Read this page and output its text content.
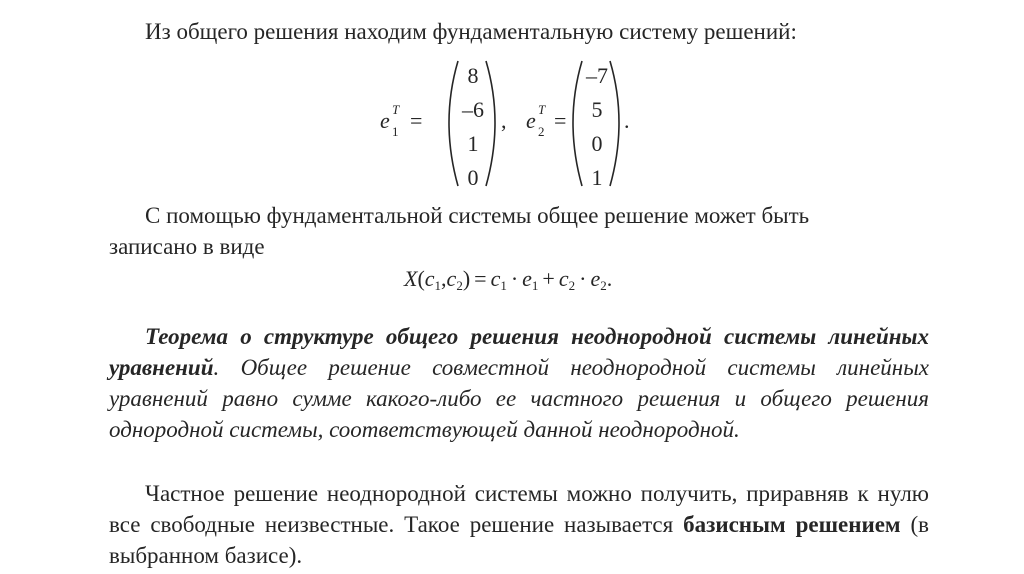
Из общего решения находим фундаментальную систему решений:
e T
1 =
8
–6
1
0
, e T
2 =
–7
5
0
1
.
С помощью фундаментальной системы общее решение может быть
записано в виде
$X(c_1,c_2) = c_1 \cdot e_1 + c_2 \cdot e_2$.
Теорема о структуре общего решения неоднородной системы линейных уравнений. Общее решение совместной неоднородной системы линейных уравнений равно сумме какого-либо ее частного решения и общего решения однородной системы, соответствующей данной неоднородной.
Частное решение неоднородной системы можно получить, приравняв к нулю все свободные неизвестные. Такое решение называется базисным решением (в выбранном базисе).
